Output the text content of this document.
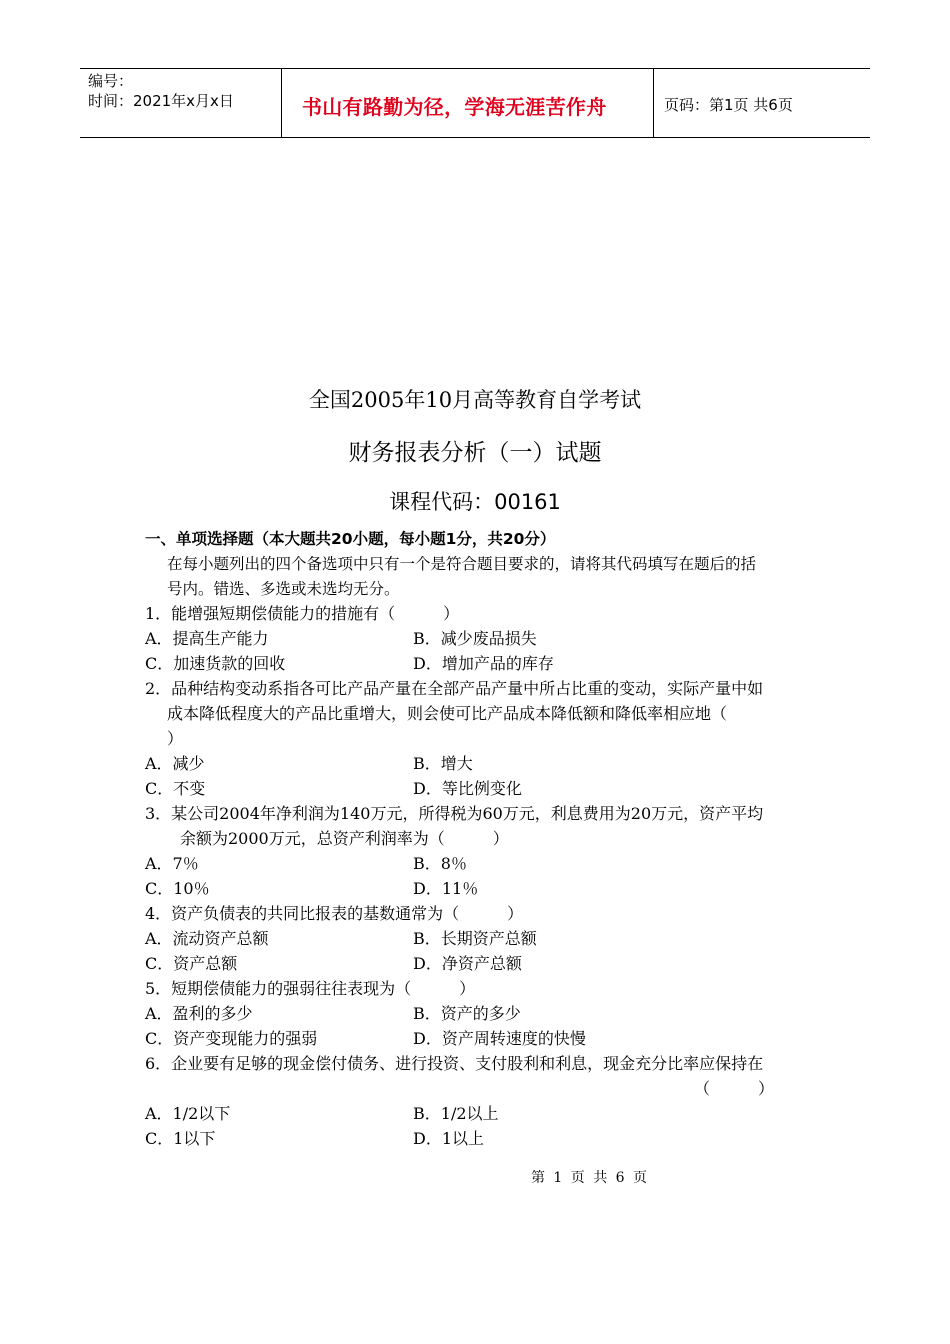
编号：
时间：2021年x月x日	书山有路勤为径，学海无涯苦作舟	页码：第1页 共6页
全国2005年10月高等教育自学考试
财务报表分析（一）试题
课程代码：00161
一、单项选择题（本大题共20小题，每小题1分，共20分）
在每小题列出的四个备选项中只有一个是符合题目要求的，请将其代码填写在题后的括
号内。错选、多选或未选均无分。
1．能增强短期偿债能力的措施有（　　　）
A．提高生产能力	B．减少废品损失
C．加速货款的回收	D．增加产品的库存
2．品种结构变动系指各可比产品产量在全部产品产量中所占比重的变动，实际产量中如
成本降低程度大的产品比重增大，则会使可比产品成本降低额和降低率相应地（
）
A．减少	B．增大
C．不变	D．等比例变化
3．某公司2004年净利润为140万元，所得税为60万元，利息费用为20万元，资产平均
余额为2000万元，总资产利润率为（　　　）
A．7％	B．8％
C．10％	D．11％
4．资产负债表的共同比报表的基数通常为（　　　）
A．流动资产总额	B．长期资产总额
C．资产总额	D．净资产总额
5．短期偿债能力的强弱往往表现为（　　　）
A．盈利的多少	B．资产的多少
C．资产变现能力的强弱	D．资产周转速度的快慢
6．企业要有足够的现金偿付债务、进行投资、支付股利和利息，现金充分比率应保持在
（　　　）
A．1/2以下	B．1/2以上
C．1以下	D．1以上
第 1 页 共 6 页
